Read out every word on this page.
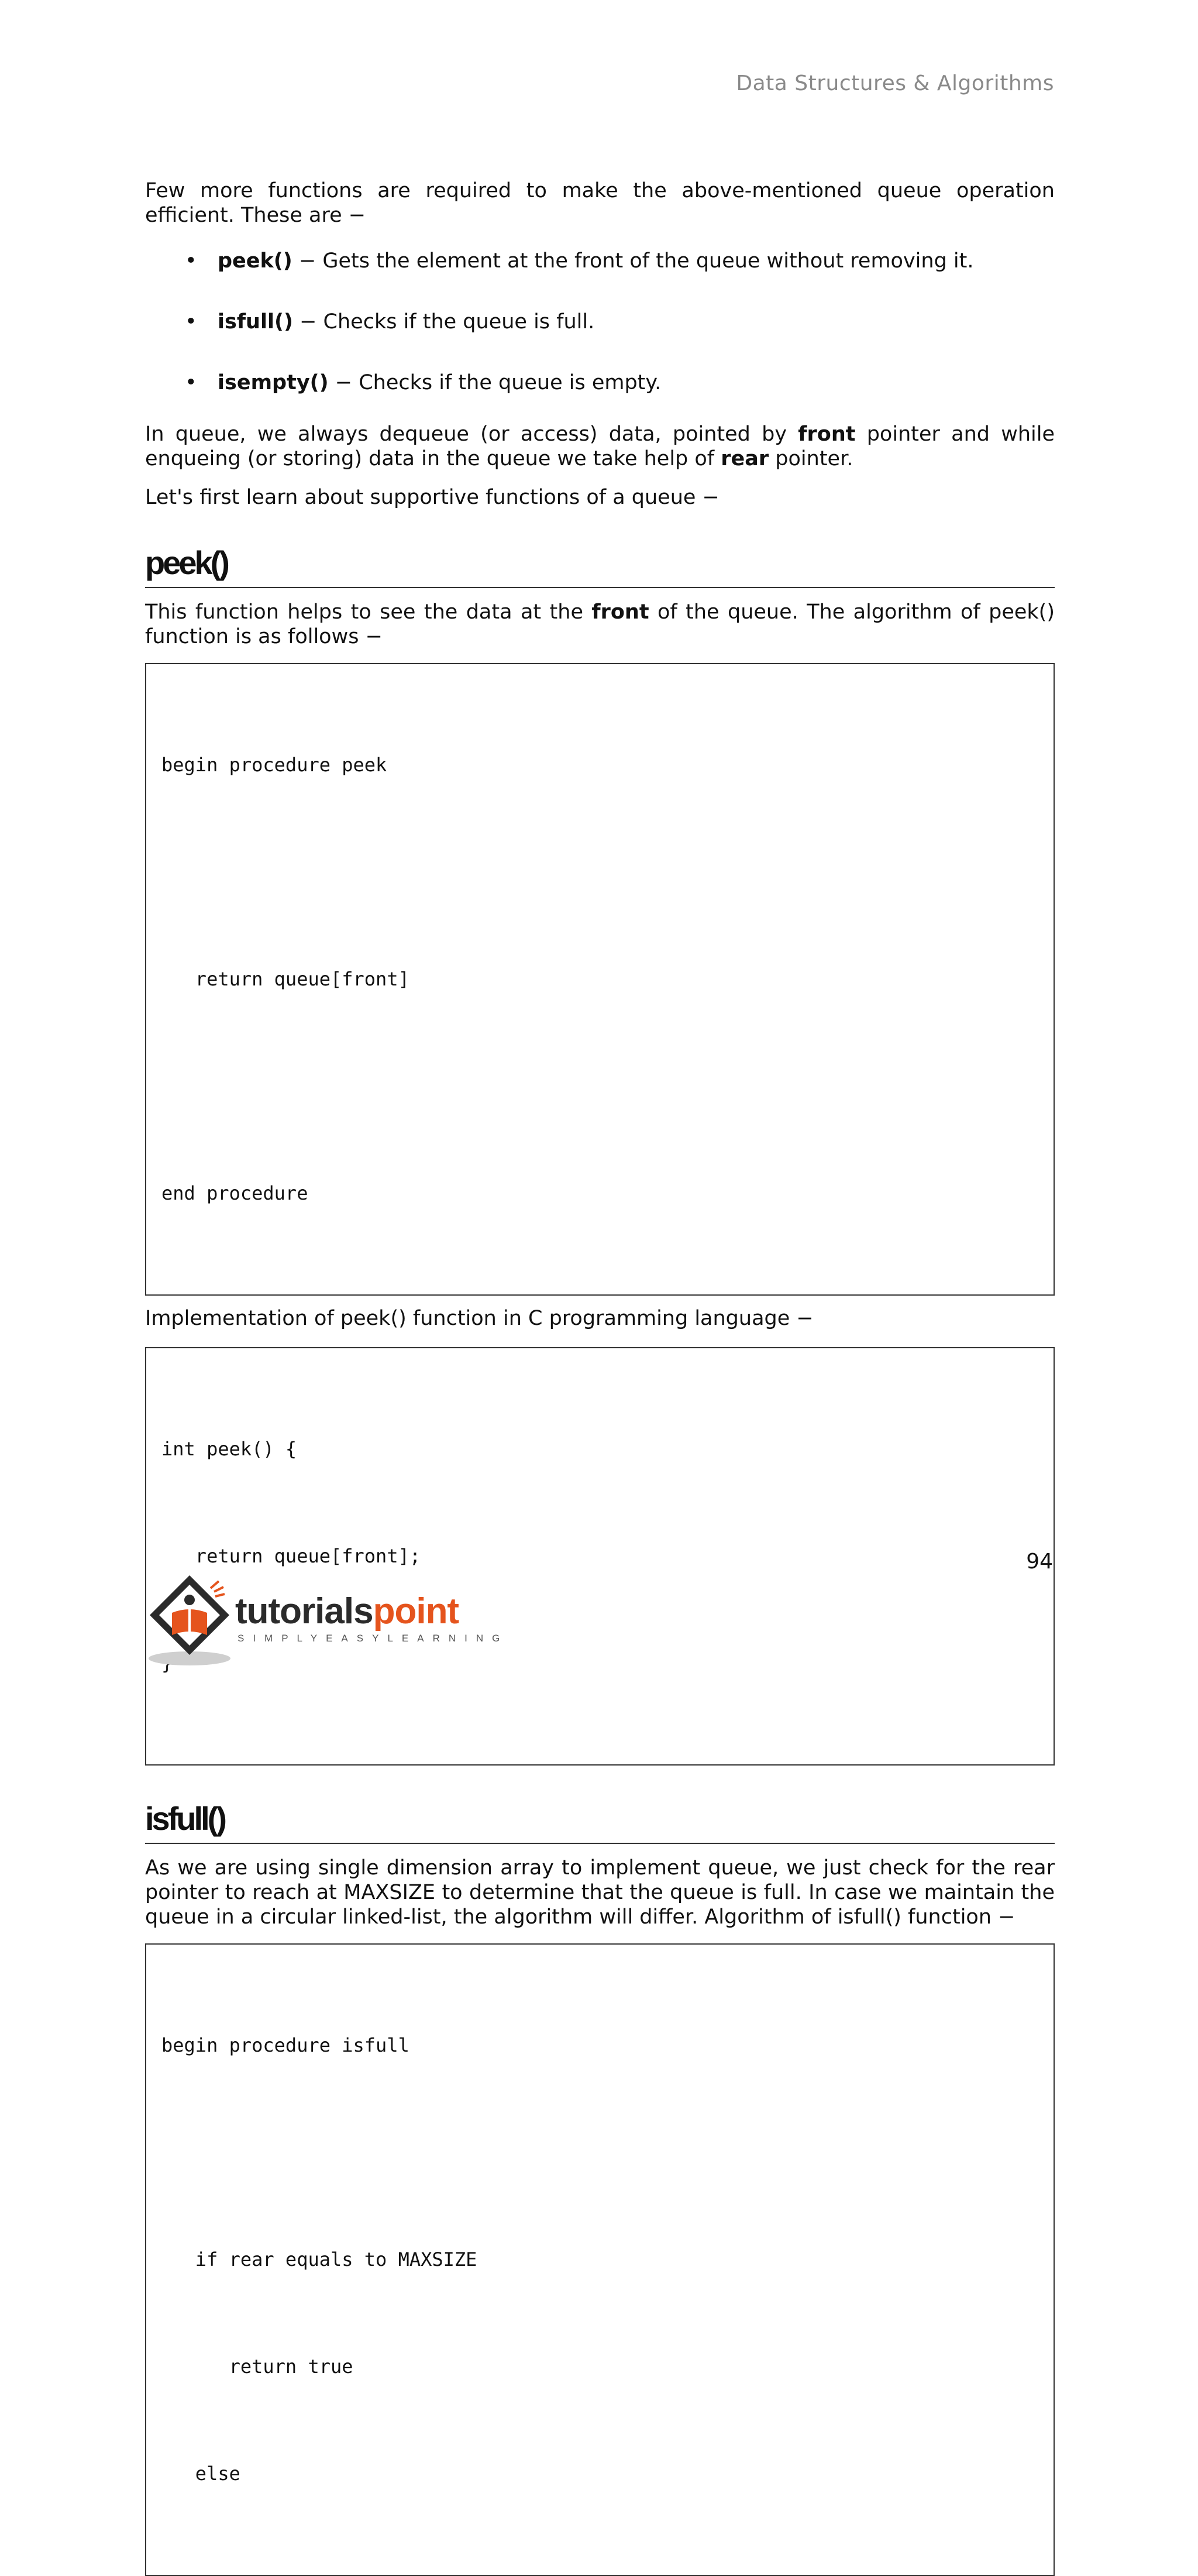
Data Structures & Algorithms

Few more functions are required to make the above-mentioned queue operation efficient. These are −

• peek() − Gets the element at the front of the queue without removing it.
• isfull() − Checks if the queue is full.
• isempty() − Checks if the queue is empty.

In queue, we always dequeue (or access) data, pointed by front pointer and while enqueing (or storing) data in the queue we take help of rear pointer.

Let's first learn about supportive functions of a queue −

peek()

This function helps to see the data at the front of the queue. The algorithm of peek() function is as follows −

begin procedure peek

return queue[front]

end procedure

Implementation of peek() function in C programming language −

int peek() {

return queue[front];

isfull()

As we are using single dimension array to implement queue, we just check for the rear pointer to reach at MAXSIZE to determine that the queue is full. In case we maintain the queue in a circular linked-list, the algorithm will differ. Algorithm of isfull() function −

begin procedure isfull

if rear equals to MAXSIZE

return true

else

94
tutorialspoint
SIMPLYEASYLEARNING
